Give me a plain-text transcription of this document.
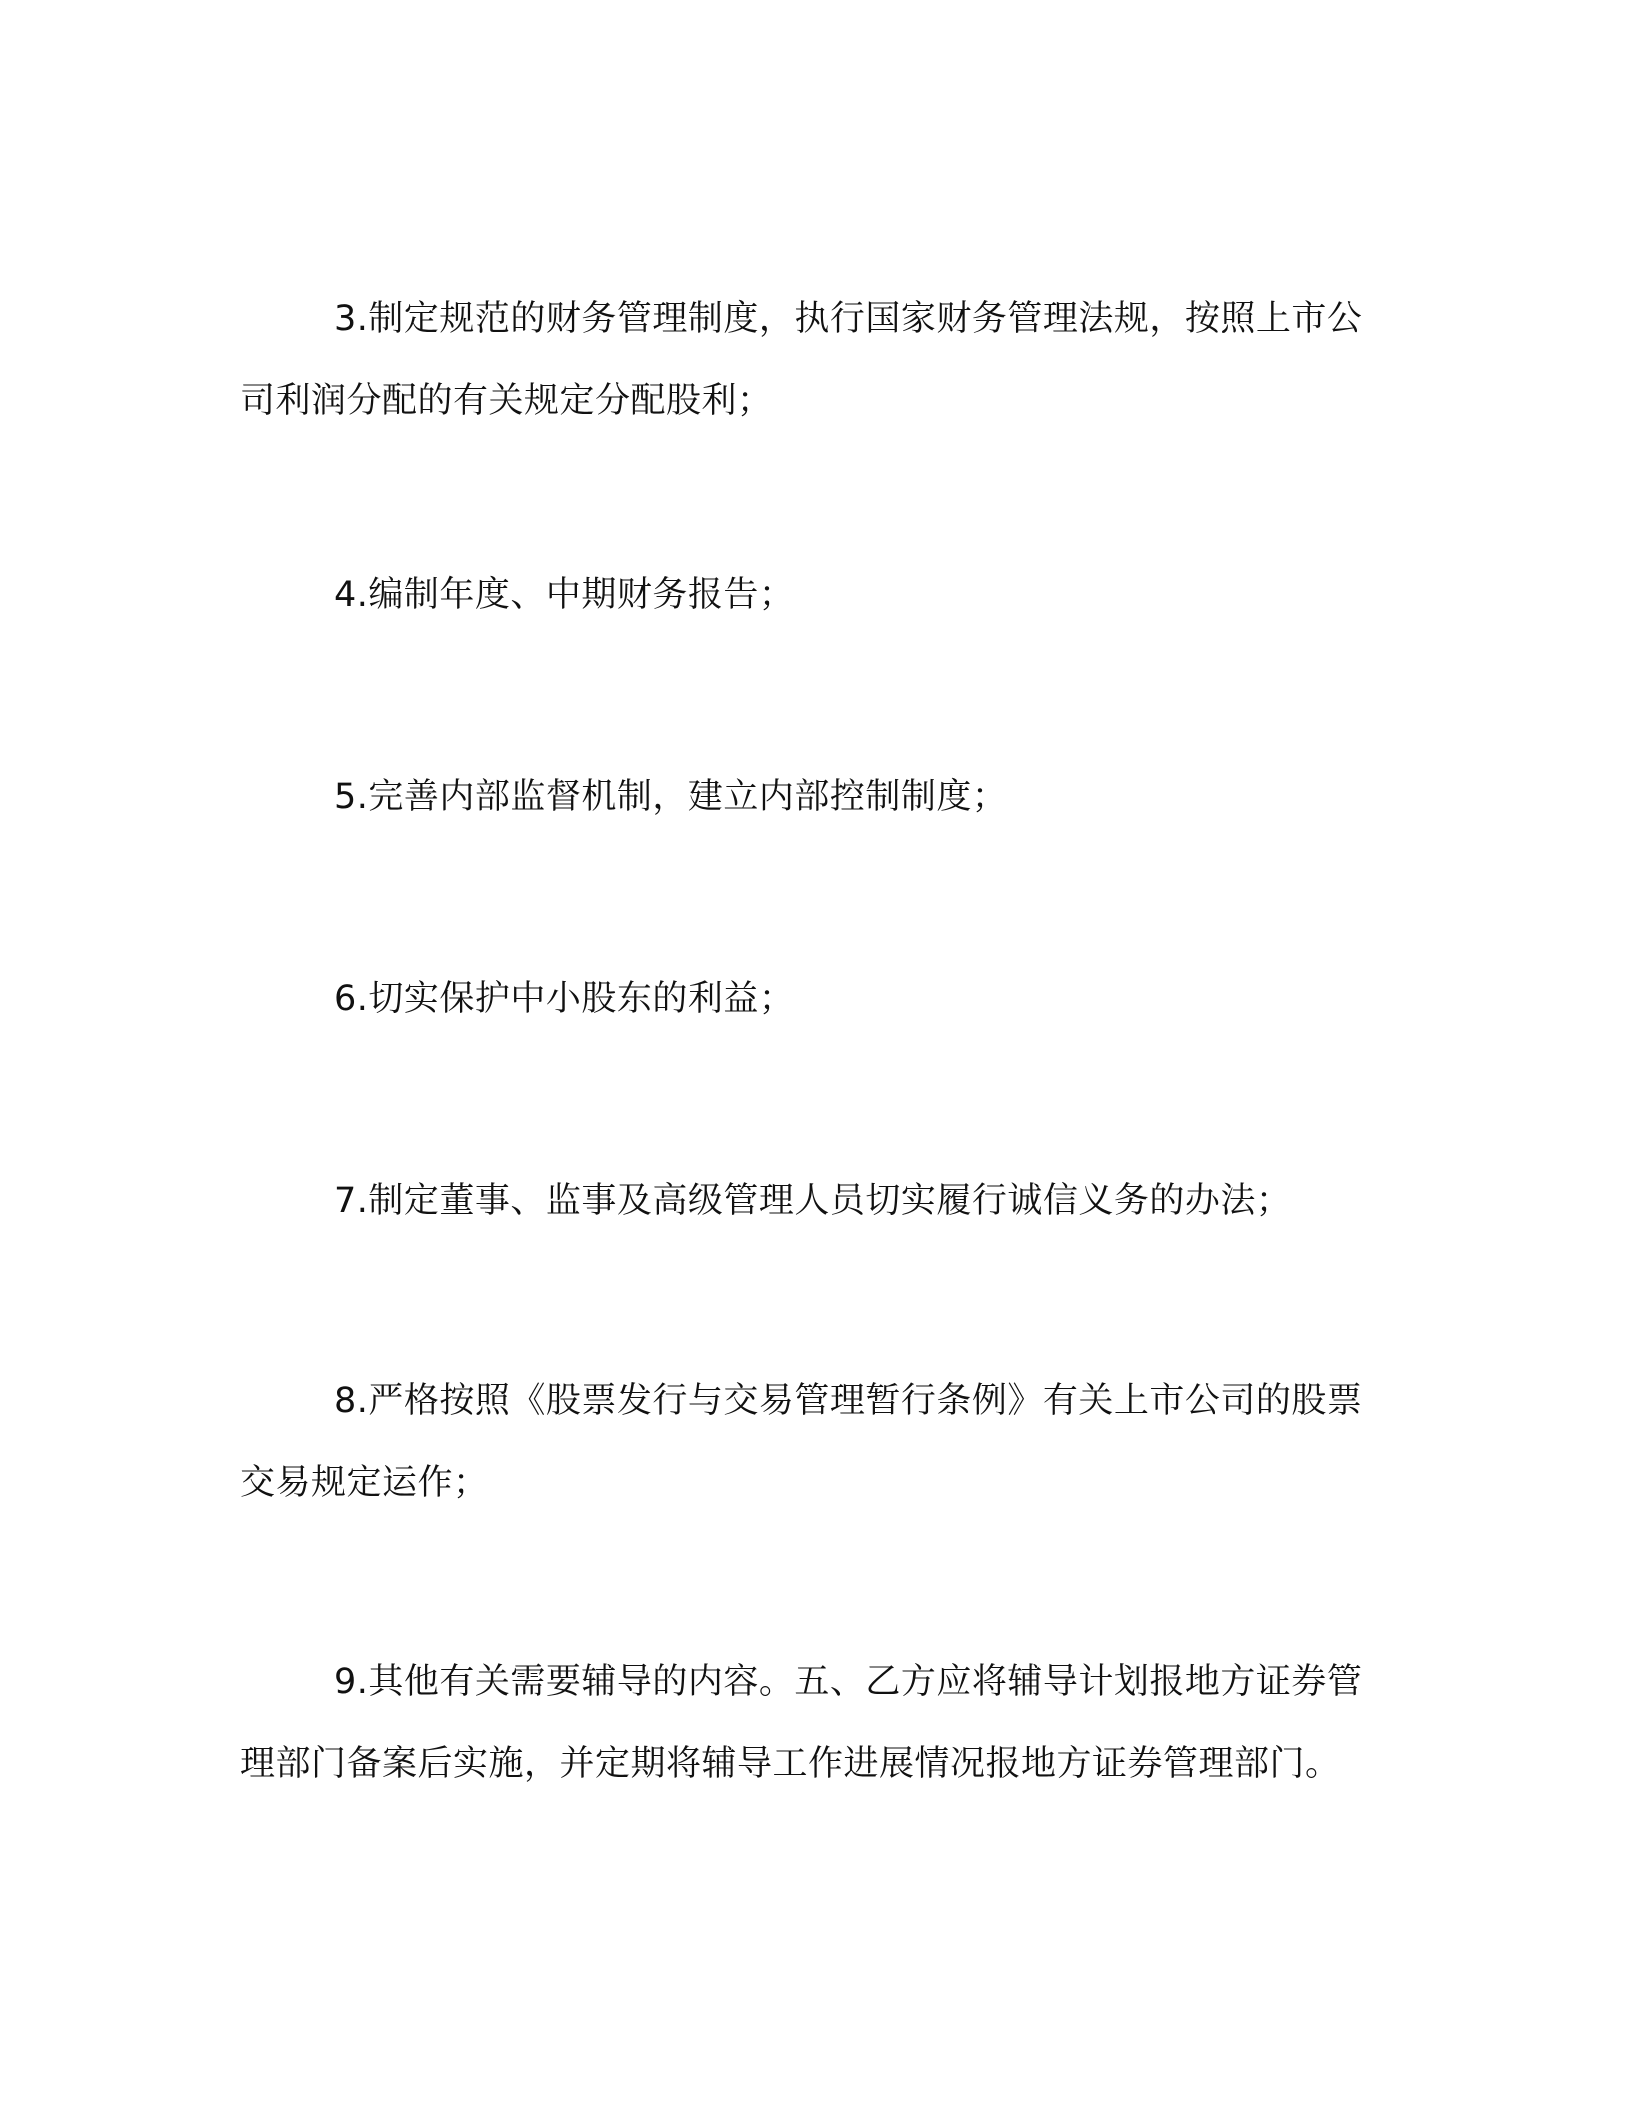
3.制定规范的财务管理制度，执行国家财务管理法规，按照上市公司利润分配的有关规定分配股利；

4.编制年度、中期财务报告；

5.完善内部监督机制，建立内部控制制度；

6.切实保护中小股东的利益；

7.制定董事、监事及高级管理人员切实履行诚信义务的办法；

8.严格按照《股票发行与交易管理暂行条例》有关上市公司的股票交易规定运作；

9.其他有关需要辅导的内容。五、乙方应将辅导计划报地方证券管理部门备案后实施，并定期将辅导工作进展情况报地方证券管理部门。
